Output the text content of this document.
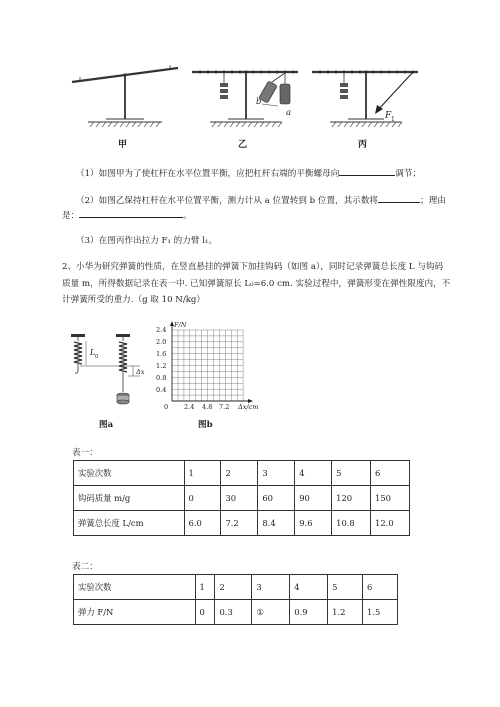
b
a	F 1
甲	乙	丙
（1）如图甲为了使杠杆在水平位置平衡，应把杠杆右端的平衡螺母向	调节；
（2）如图乙保持杠杆在水平位置平衡，测力计从 a 位置转到 b 位置，其示数将	；理由
是：	。
（3）在图丙作出拉力 F₁ 的力臂 l₁。
2、小华为研究弹簧的性质，在竖直悬挂的弹簧下加挂钩码（如图 a），同时记录弹簧总长度 L 与钩码
质量 m，所得数据记录在表一中. 已知弹簧原长 L₀=6.0 cm. 实验过程中，弹簧形变在弹性限度内，不
计弹簧所受的重力.（g 取 10 N/kg）
L 0
Δx
图a
F/N
2.4
2.0
1.6
1.2
0.8
0.4
0 2.4 4.8 7.2 Δx/cm
图b
表一：
实验次数	1	2	3	4	5	6
钩码质量 m/g	0	30	60	90	120	150
弹簧总长度 L/cm	6.0	7.2	8.4	9.6	10.8	12.0
表二：
实验次数	1	2	3	4	5	6
弹力 F/N	0	0.3	①	0.9	1.2	1.5
